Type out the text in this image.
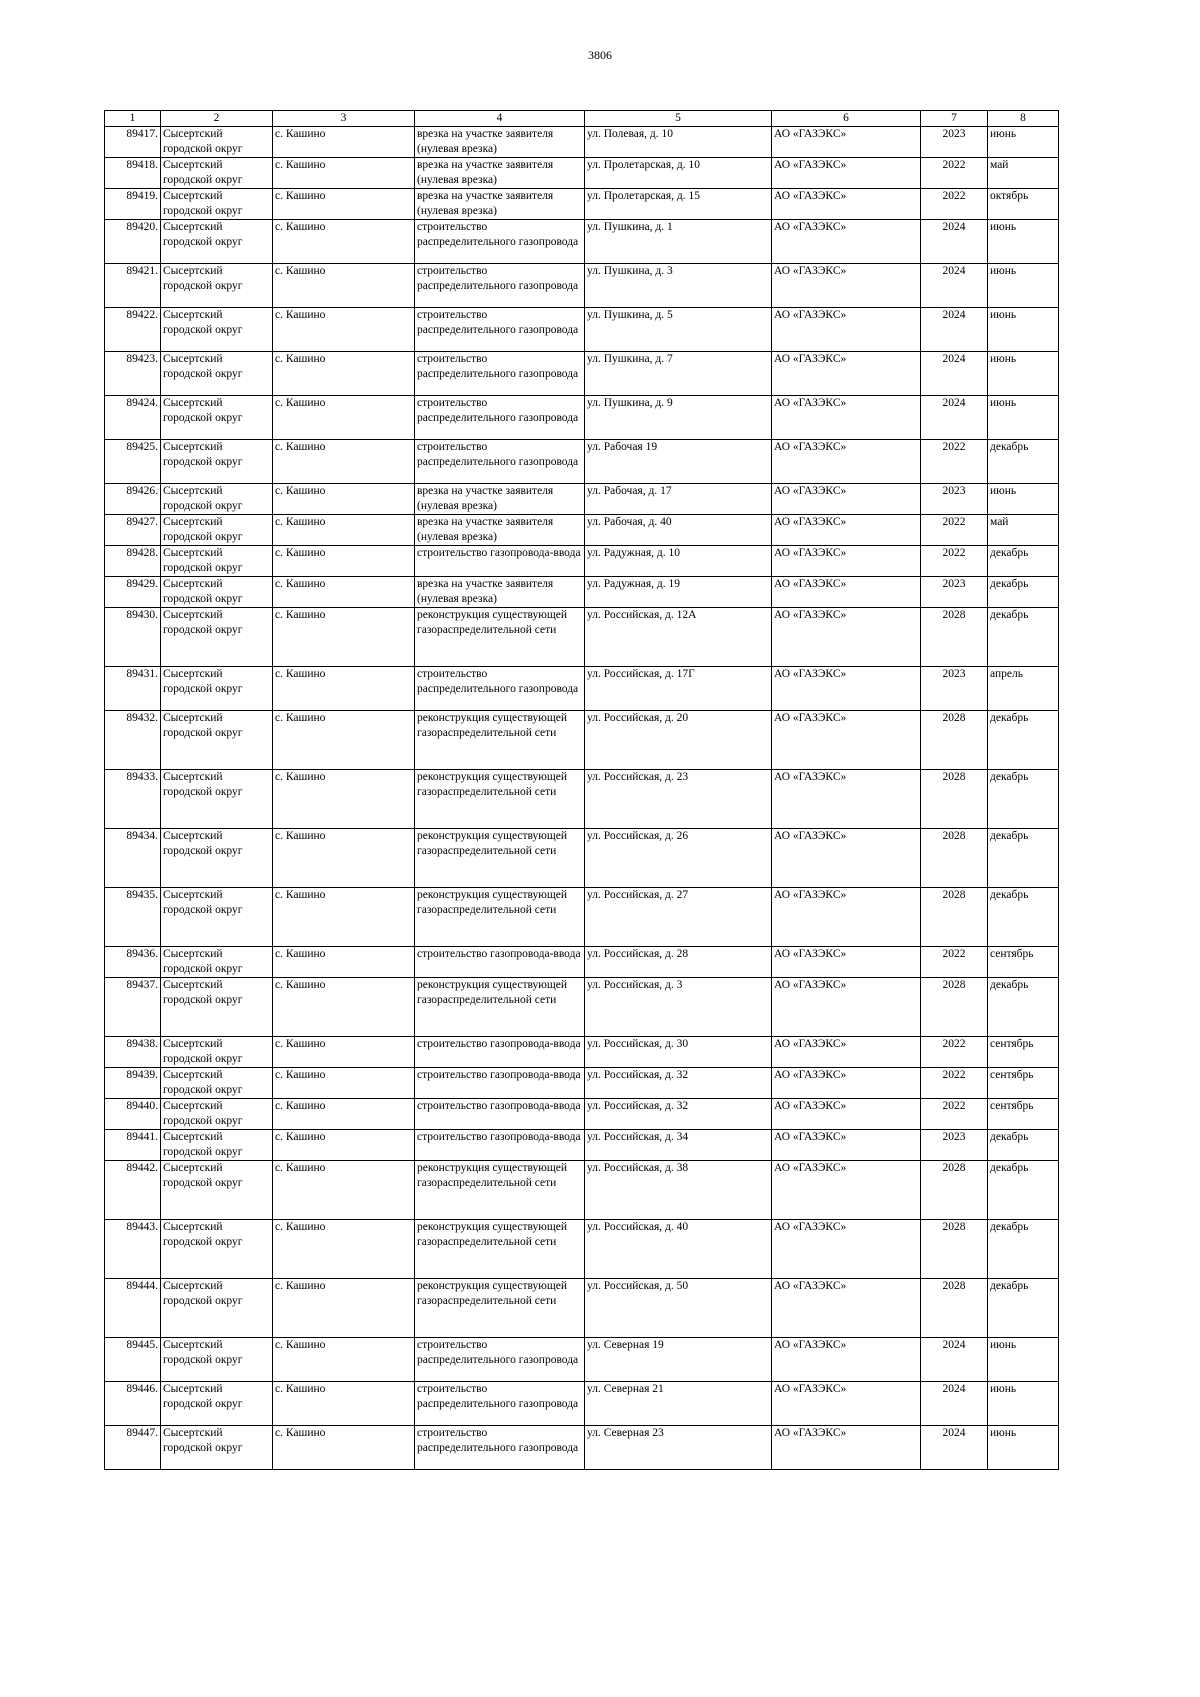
3806
1	2	3	4	5	6	7	8
89417.	Сысертский городской округ	с. Кашино	врезка на участке заявителя (нулевая врезка)	ул. Полевая, д. 10	АО «ГАЗЭКС»	2023	июнь
89418.	Сысертский городской округ	с. Кашино	врезка на участке заявителя (нулевая врезка)	ул. Пролетарская, д. 10	АО «ГАЗЭКС»	2022	май
89419.	Сысертский городской округ	с. Кашино	врезка на участке заявителя (нулевая врезка)	ул. Пролетарская, д. 15	АО «ГАЗЭКС»	2022	октябрь
89420.	Сысертский городской округ	с. Кашино	строительство распределительного газопровода	ул. Пушкина, д. 1	АО «ГАЗЭКС»	2024	июнь
89421.	Сысертский городской округ	с. Кашино	строительство распределительного газопровода	ул. Пушкина, д. 3	АО «ГАЗЭКС»	2024	июнь
89422.	Сысертский городской округ	с. Кашино	строительство распределительного газопровода	ул. Пушкина, д. 5	АО «ГАЗЭКС»	2024	июнь
89423.	Сысертский городской округ	с. Кашино	строительство распределительного газопровода	ул. Пушкина, д. 7	АО «ГАЗЭКС»	2024	июнь
89424.	Сысертский городской округ	с. Кашино	строительство распределительного газопровода	ул. Пушкина, д. 9	АО «ГАЗЭКС»	2024	июнь
89425.	Сысертский городской округ	с. Кашино	строительство распределительного газопровода	ул. Рабочая 19	АО «ГАЗЭКС»	2022	декабрь
89426.	Сысертский городской округ	с. Кашино	врезка на участке заявителя (нулевая врезка)	ул. Рабочая, д. 17	АО «ГАЗЭКС»	2023	июнь
89427.	Сысертский городской округ	с. Кашино	врезка на участке заявителя (нулевая врезка)	ул. Рабочая, д. 40	АО «ГАЗЭКС»	2022	май
89428.	Сысертский городской округ	с. Кашино	строительство газопровода-ввода	ул. Радужная, д. 10	АО «ГАЗЭКС»	2022	декабрь
89429.	Сысертский городской округ	с. Кашино	врезка на участке заявителя (нулевая врезка)	ул. Радужная, д. 19	АО «ГАЗЭКС»	2023	декабрь
89430.	Сысертский городской округ	с. Кашино	реконструкция существующей газораспределительной сети	ул. Российская, д. 12А	АО «ГАЗЭКС»	2028	декабрь
89431.	Сысертский городской округ	с. Кашино	строительство распределительного газопровода	ул. Российская, д. 17Г	АО «ГАЗЭКС»	2023	апрель
89432.	Сысертский городской округ	с. Кашино	реконструкция существующей газораспределительной сети	ул. Российская, д. 20	АО «ГАЗЭКС»	2028	декабрь
89433.	Сысертский городской округ	с. Кашино	реконструкция существующей газораспределительной сети	ул. Российская, д. 23	АО «ГАЗЭКС»	2028	декабрь
89434.	Сысертский городской округ	с. Кашино	реконструкция существующей газораспределительной сети	ул. Российская, д. 26	АО «ГАЗЭКС»	2028	декабрь
89435.	Сысертский городской округ	с. Кашино	реконструкция существующей газораспределительной сети	ул. Российская, д. 27	АО «ГАЗЭКС»	2028	декабрь
89436.	Сысертский городской округ	с. Кашино	строительство газопровода-ввода	ул. Российская, д. 28	АО «ГАЗЭКС»	2022	сентябрь
89437.	Сысертский городской округ	с. Кашино	реконструкция существующей газораспределительной сети	ул. Российская, д. 3	АО «ГАЗЭКС»	2028	декабрь
89438.	Сысертский городской округ	с. Кашино	строительство газопровода-ввода	ул. Российская, д. 30	АО «ГАЗЭКС»	2022	сентябрь
89439.	Сысертский городской округ	с. Кашино	строительство газопровода-ввода	ул. Российская, д. 32	АО «ГАЗЭКС»	2022	сентябрь
89440.	Сысертский городской округ	с. Кашино	строительство газопровода-ввода	ул. Российская, д. 32	АО «ГАЗЭКС»	2022	сентябрь
89441.	Сысертский городской округ	с. Кашино	строительство газопровода-ввода	ул. Российская, д. 34	АО «ГАЗЭКС»	2023	декабрь
89442.	Сысертский городской округ	с. Кашино	реконструкция существующей газораспределительной сети	ул. Российская, д. 38	АО «ГАЗЭКС»	2028	декабрь
89443.	Сысертский городской округ	с. Кашино	реконструкция существующей газораспределительной сети	ул. Российская, д. 40	АО «ГАЗЭКС»	2028	декабрь
89444.	Сысертский городской округ	с. Кашино	реконструкция существующей газораспределительной сети	ул. Российская, д. 50	АО «ГАЗЭКС»	2028	декабрь
89445.	Сысертский городской округ	с. Кашино	строительство распределительного газопровода	ул. Северная 19	АО «ГАЗЭКС»	2024	июнь
89446.	Сысертский городской округ	с. Кашино	строительство распределительного газопровода	ул. Северная 21	АО «ГАЗЭКС»	2024	июнь
89447.	Сысертский городской округ	с. Кашино	строительство распределительного газопровода	ул. Северная 23	АО «ГАЗЭКС»	2024	июнь
